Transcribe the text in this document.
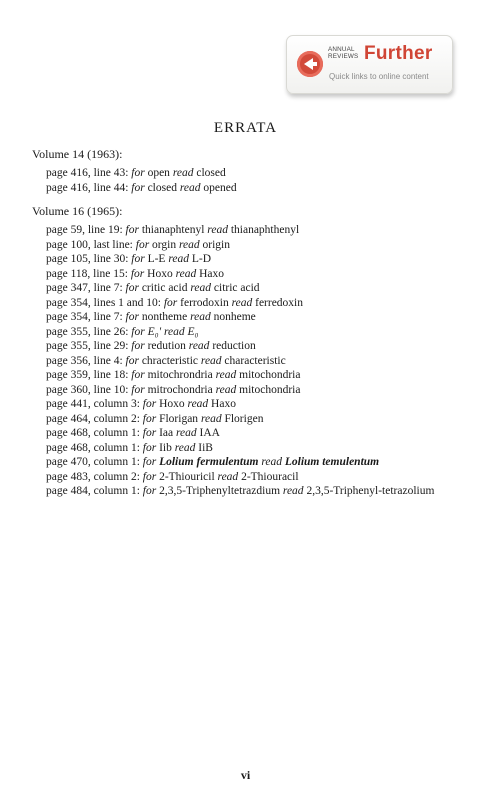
ANNUAL
REVIEWS Further
Quick links to online content
ERRATA
Volume 14 (1963):
page 416, line 43: for open read closed
page 416, line 44: for closed read opened
Volume 16 (1965):
page 59, line 19: for thianaphtenyl read thianaphthenyl
page 100, last line: for orgin read origin
page 105, line 30: for L-E read L-D
page 118, line 15: for Hoxo read Haxo
page 347, line 7: for critic acid read citric acid
page 354, lines 1 and 10: for ferrodoxin read ferredoxin
page 354, line 7: for nontheme read nonheme
page 355, line 26: for E₀' read E₀
page 355, line 29: for redution read reduction
page 356, line 4: for chracteristic read characteristic
page 359, line 18: for mitochrondria read mitochondria
page 360, line 10: for mitrochondria read mitochondria
page 441, column 3: for Hoxo read Haxo
page 464, column 2: for Florigan read Florigen
page 468, column 1: for Iaa read IAA
page 468, column 1: for Iib read IiB
page 470, column 1: for Lolium fermulentum read Lolium temulentum
page 483, column 2: for 2-Thiouricil read 2-Thiouracil
page 484, column 1: for 2,3,5-Triphenyltetrazdium read 2,3,5-Triphenyl-tetrazolium
vi
